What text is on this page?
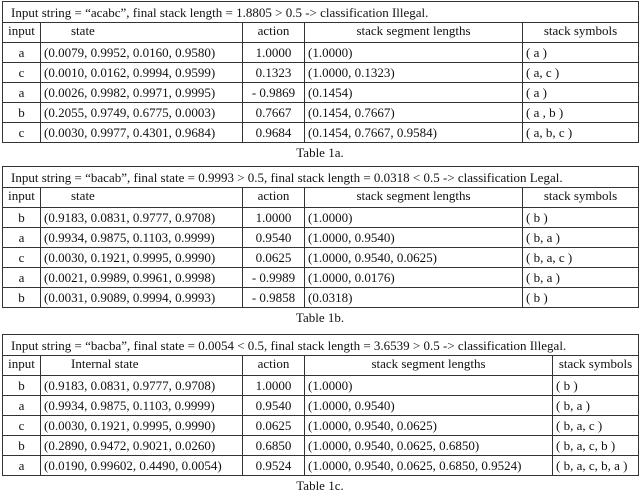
Input string = “acabc”, final stack length = 1.8805 > 0.5 -> classification Illegal.				
input	state	action	stack segment lengths	stack symbols
a	(0.0079, 0.9952, 0.0160, 0.9580)	1.0000	(1.0000)	( a )
c	(0.0010, 0.0162, 0.9994, 0.9599)	0.1323	(1.0000, 0.1323)	( a, c )
a	(0.0026, 0.9982, 0.9971, 0.9995)	- 0.9869	(0.1454)	( a )
b	(0.2055, 0.9749, 0.6775, 0.0003)	0.7667	(0.1454, 0.7667)	( a , b )
c	(0.0030, 0.9977, 0.4301, 0.9684)	0.9684	(0.1454, 0.7667, 0.9584)	( a, b, c )
Table 1a.
Input string = “bacab”, final state = 0.9993 > 0.5, final stack length = 0.0318 < 0.5 -> classification Legal.				
input	state	action	stack segment lengths	stack symbols
b	(0.9183, 0.0831, 0.9777, 0.9708)	1.0000	(1.0000)	( b )
a	(0.9934, 0.9875, 0.1103, 0.9999)	0.9540	(1.0000, 0.9540)	( b, a )
c	(0.0030, 0.1921, 0.9995, 0.9990)	0.0625	(1.0000, 0.9540, 0.0625)	( b, a, c )
a	(0.0021, 0.9989, 0.9961, 0.9998)	- 0.9989	(1.0000, 0.0176)	( b, a )
b	(0.0031, 0.9089, 0.9994, 0.9993)	- 0.9858	(0.0318)	( b )
Table 1b.
Input string = “bacba”, final state = 0.0054 < 0.5, final stack length = 3.6539 > 0.5 -> classification Illegal.				
input	Internal state	action	stack segment lengths	stack symbols
b	(0.9183, 0.0831, 0.9777, 0.9708)	1.0000	(1.0000)	( b )
a	(0.9934, 0.9875, 0.1103, 0.9999)	0.9540	(1.0000, 0.9540)	( b, a )
c	(0.0030, 0.1921, 0.9995, 0.9990)	0.0625	(1.0000, 0.9540, 0.0625)	( b, a, c )
b	(0.2890, 0.9472, 0.9021, 0.0260)	0.6850	(1.0000, 0.9540, 0.0625, 0.6850)	( b, a, c, b )
a	(0.0190, 0.99602, 0.4490, 0.0054)	0.9524	(1.0000, 0.9540, 0.0625, 0.6850, 0.9524)	( b, a, c, b, a )
Table 1c.
